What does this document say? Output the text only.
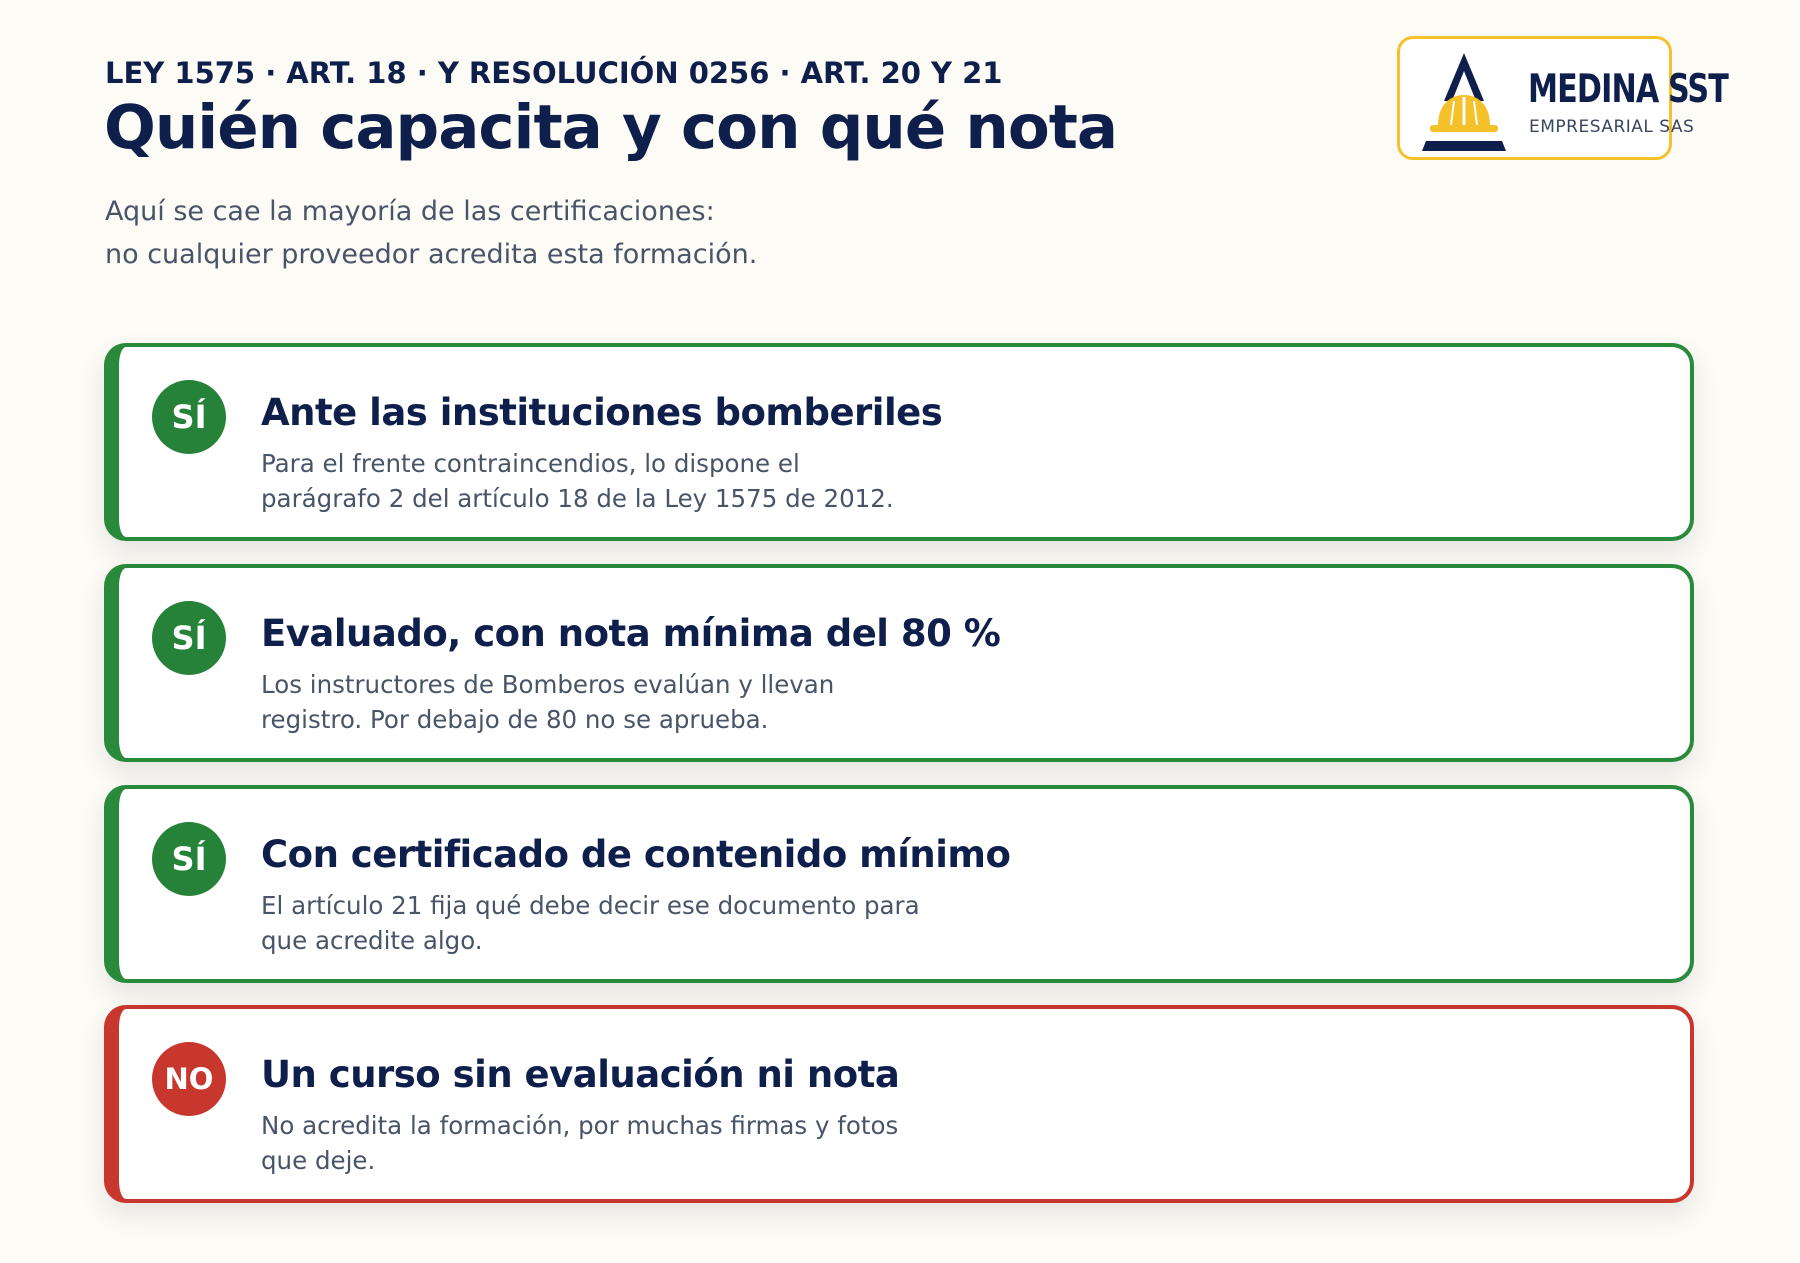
LEY 1575 · ART. 18 · Y RESOLUCIÓN 0256 · ART. 20 Y 21
Quién capacita y con qué nota
Aquí se cae la mayoría de las certificaciones:
no cualquier proveedor acredita esta formación.
MEDINA SST
EMPRESARIAL SAS
SÍ	Ante las instituciones bomberiles
Para el frente contraincendios, lo dispone el
parágrafo 2 del artículo 18 de la Ley 1575 de 2012.
SÍ	Evaluado, con nota mínima del 80 %
Los instructores de Bomberos evalúan y llevan
registro. Por debajo de 80 no se aprueba.
SÍ	Con certificado de contenido mínimo
El artículo 21 fija qué debe decir ese documento para
que acredite algo.
NO	Un curso sin evaluación ni nota
No acredita la formación, por muchas firmas y fotos
que deje.
